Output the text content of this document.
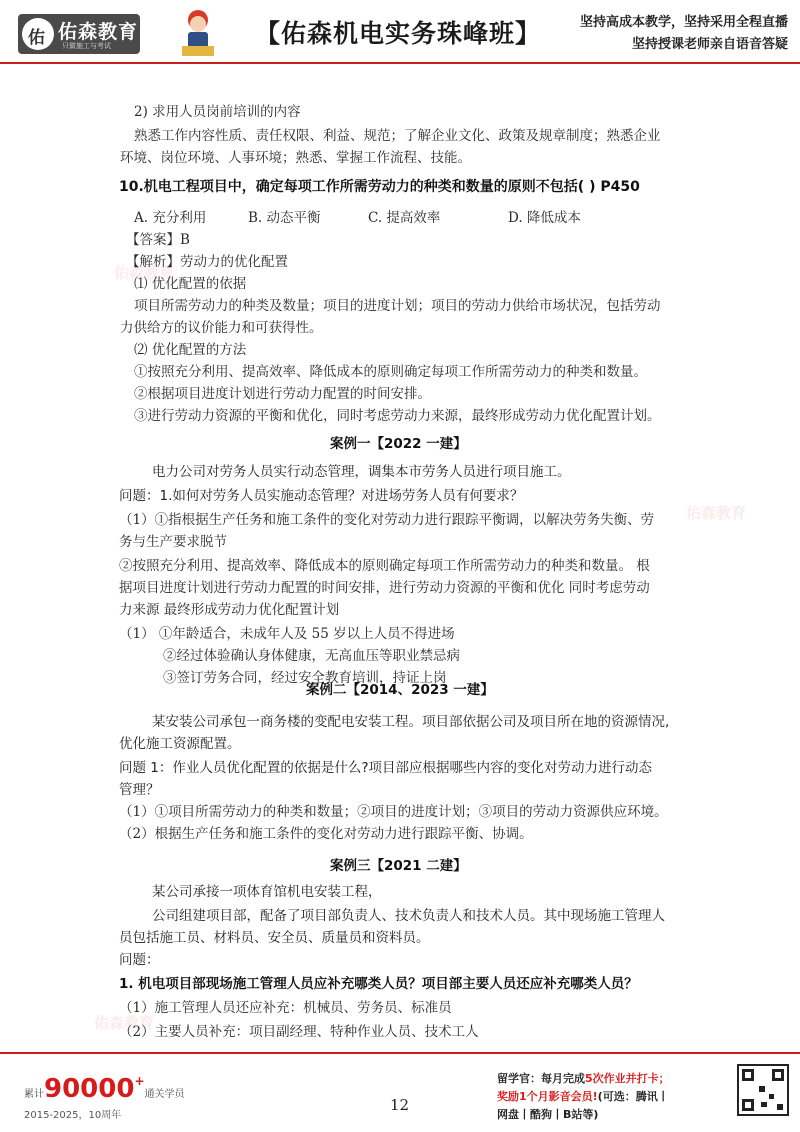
佑 佑森教育
只做施工与考试	【佑森机电实务珠峰班】	坚持高成本教学，坚持采用全程直播
坚持授课老师亲自语音答疑
佑森教育
佑森教育
佑森教育
2) 求用人员岗前培训的内容
熟悉工作内容性质、责任权限、利益、规范；了解企业文化、政策及规章制度；熟悉企业
环境、岗位环境、人事环境；熟悉、掌握工作流程、技能。
10.机电工程项目中，确定每项工作所需劳动力的种类和数量的原则不包括( ) P450
A. 充分利用	B. 动态平衡	C. 提高效率	D. 降低成本
【答案】B
【解析】劳动力的优化配置
⑴ 优化配置的依据
项目所需劳动力的种类及数量；项目的进度计划；项目的劳动力供给市场状况，包括劳动
力供给方的议价能力和可获得性。
⑵ 优化配置的方法
①按照充分利用、提高效率、降低成本的原则确定每项工作所需劳动力的种类和数量。
②根据项目进度计划进行劳动力配置的时间安排。
③进行劳动力资源的平衡和优化，同时考虑劳动力来源，最终形成劳动力优化配置计划。
案例一【2022 一建】
电力公司对劳务人员实行动态管理，调集本市劳务人员进行项目施工。
问题：1.如何对劳务人员实施动态管理？对进场劳务人员有何要求？
（1）①指根据生产任务和施工条件的变化对劳动力进行跟踪平衡调，以解决劳务失衡、劳
务与生产要求脱节
②按照充分利用、提高效率、降低成本的原则确定每项工作所需劳动力的种类和数量。 根
据项目进度计划进行劳动力配置的时间安排，进行劳动力资源的平衡和优化 同时考虑劳动
力来源 最终形成劳动力优化配置计划
（1） ①年龄适合，未成年人及 55 岁以上人员不得进场
②经过体验确认身体健康，无高血压等职业禁忌病
③签订劳务合同，经过安全教育培训，持证上岗
案例二【2014、2023 一建】
某安装公司承包一商务楼的变配电安装工程。项目部依据公司及项目所在地的资源情况,
优化施工资源配置。
问题 1：作业人员优化配置的依据是什么?项目部应根据哪些内容的变化对劳动力进行动态
管理？
（1）①项目所需劳动力的种类和数量；②项目的进度计划；③项目的劳动力资源供应环境。
（2）根据生产任务和施工条件的变化对劳动力进行跟踪平衡、协调。
案例三【2021 二建】
某公司承接一项体育馆机电安装工程，
公司组建项目部，配备了项目部负责人、技术负责人和技术人员。其中现场施工管理人
员包括施工员、材料员、安全员、质量员和资料员。
问题：
1. 机电项目部现场施工管理人员应补充哪类人员？项目部主要人员还应补充哪类人员？
（1）施工管理人员还应补充：机械员、劳务员、标准员
（2）主要人员补充：项目副经理、特种作业人员、技术工人
累计90000+通关学员
2015-2025，10周年
12
留学官：每月完成5次作业并打卡；
奖励1个月影音会员!(可选：腾讯丨
网盘丨酷狗丨B站等)
